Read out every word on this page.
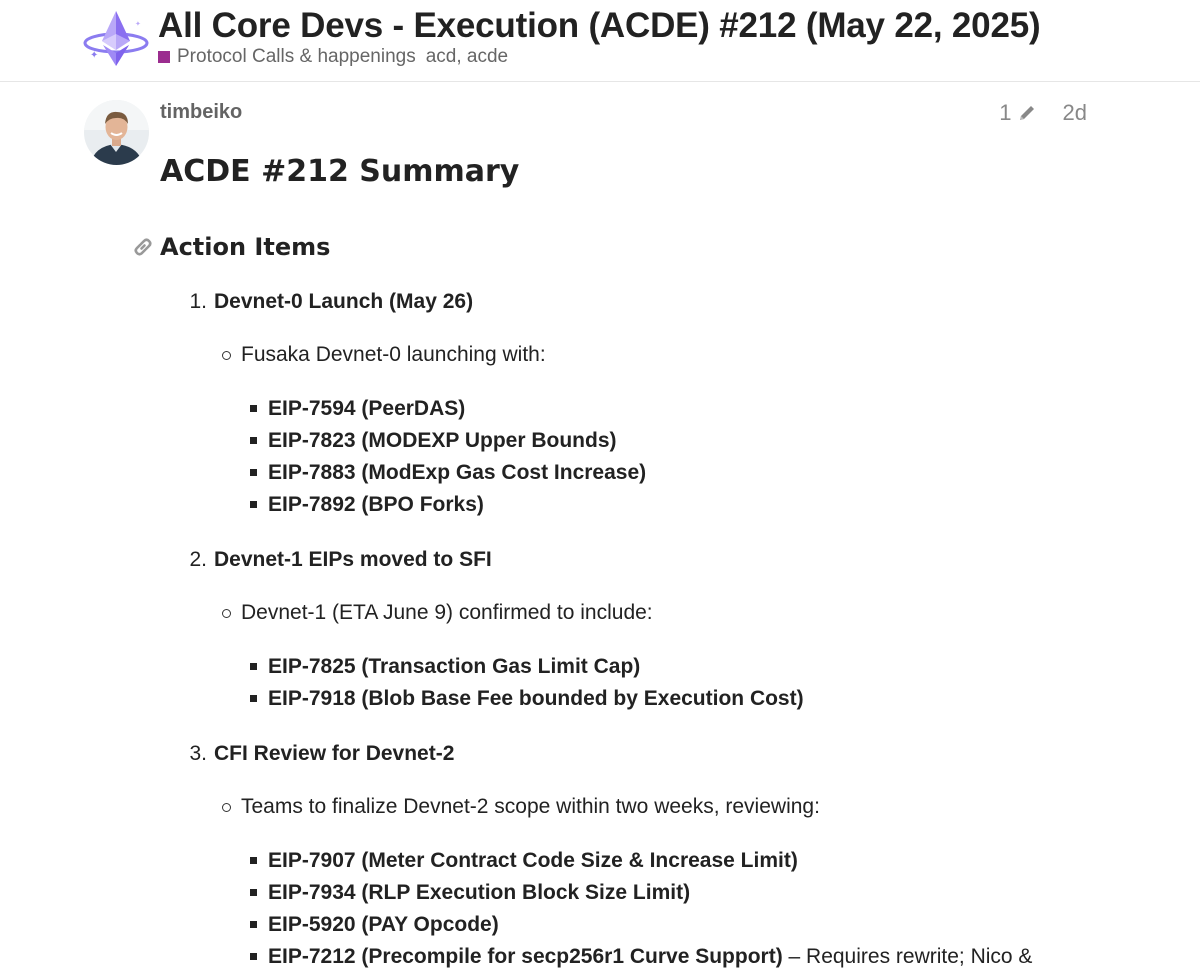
✦
✦ All Core Devs - Execution (ACDE) #212 (May 22, 2025)
Protocol Calls & happenings acd, acde
timbeiko	1 2d
ACDE #212 Summary
Action Items
1. Devnet-0 Launch (May 26)
Fusaka Devnet-0 launching with:
EIP-7594 (PeerDAS)
EIP-7823 (MODEXP Upper Bounds)
EIP-7883 (ModExp Gas Cost Increase)
EIP-7892 (BPO Forks)
2. Devnet-1 EIPs moved to SFI
Devnet-1 (ETA June 9) confirmed to include:
EIP-7825 (Transaction Gas Limit Cap)
EIP-7918 (Blob Base Fee bounded by Execution Cost)
3. CFI Review for Devnet-2
Teams to finalize Devnet-2 scope within two weeks, reviewing:
EIP-7907 (Meter Contract Code Size & Increase Limit)
EIP-7934 (RLP Execution Block Size Limit)
EIP-5920 (PAY Opcode)
EIP-7212 (Precompile for secp256r1 Curve Support) – Requires rewrite; Nico &
